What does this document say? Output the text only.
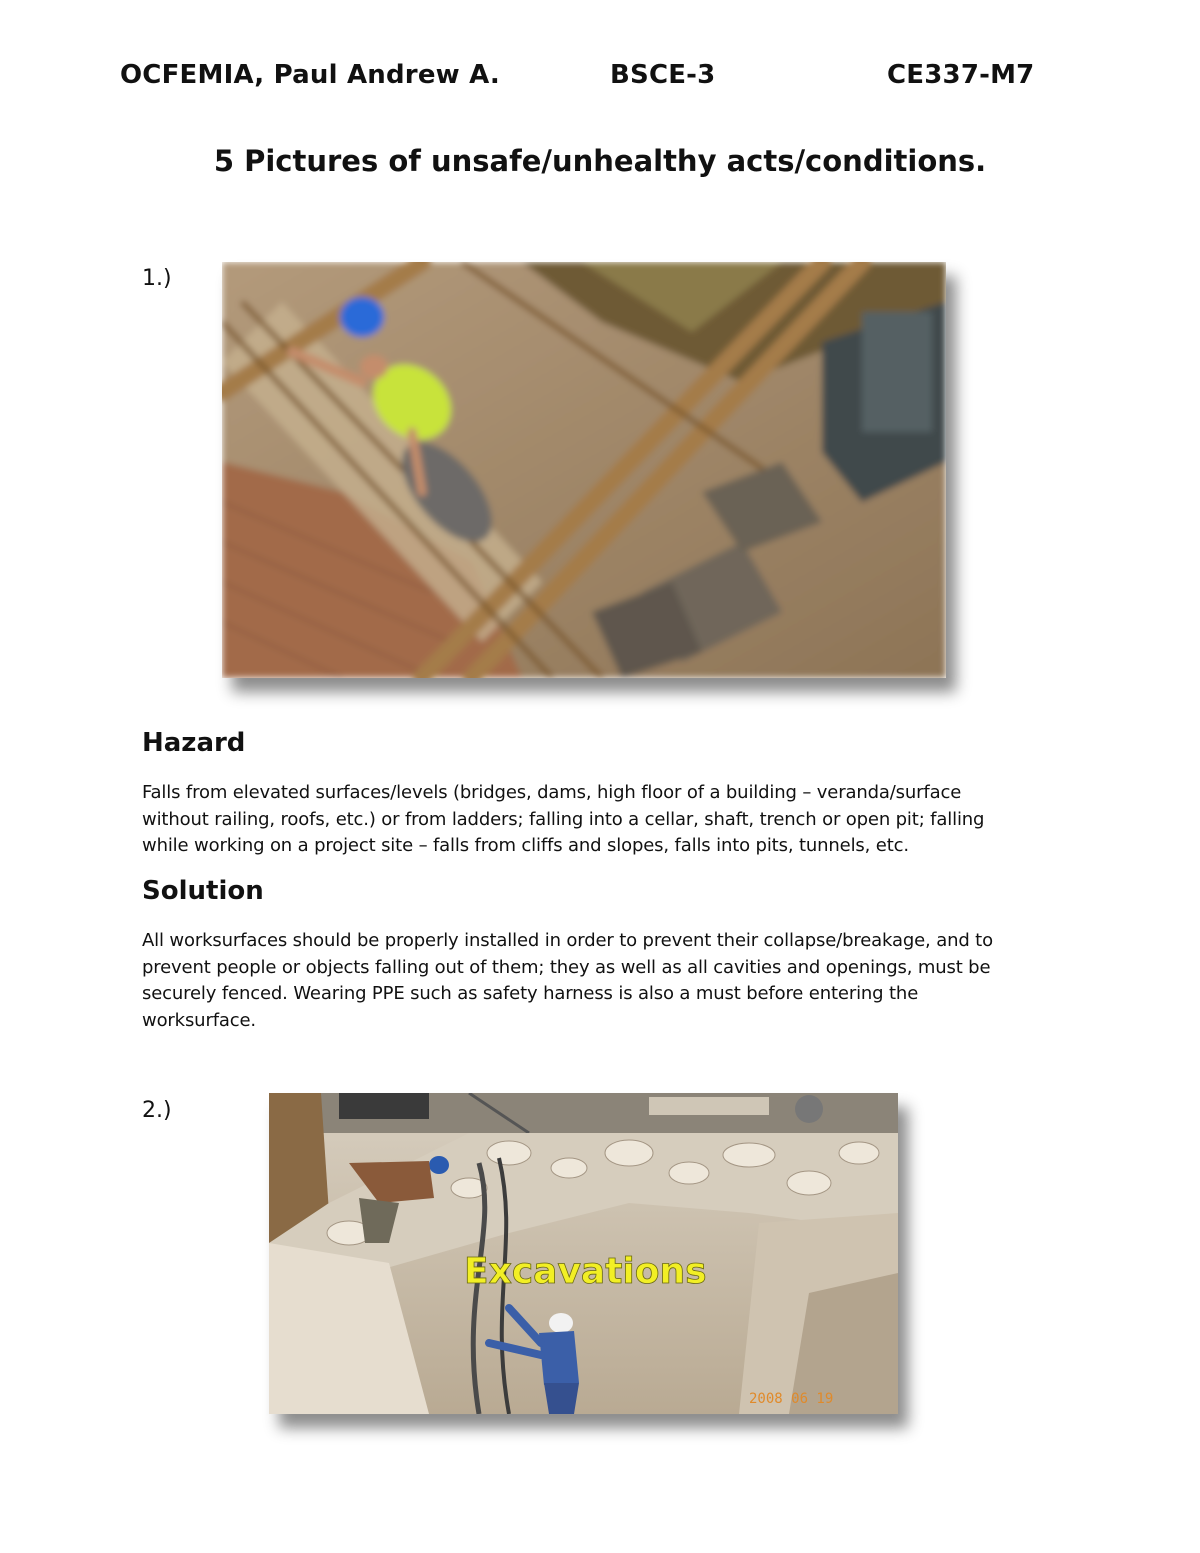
OCFEMIA, Paul Andrew A.	BSCE-3	CE337-M7
5 Pictures of unsafe/unhealthy acts/conditions.
1.)
Hazard
Falls from elevated surfaces/levels (bridges, dams, high floor of a building – veranda/surface
without railing, roofs, etc.) or from ladders; falling into a cellar, shaft, trench or open pit; falling
while working on a project site – falls from cliffs and slopes, falls into pits, tunnels, etc.
Solution
All worksurfaces should be properly installed in order to prevent their collapse/breakage, and to
prevent people or objects falling out of them; they as well as all cavities and openings, must be
securely fenced. Wearing PPE such as safety harness is also a must before entering the
worksurface.
2.)
Excavations
2008 06 19
